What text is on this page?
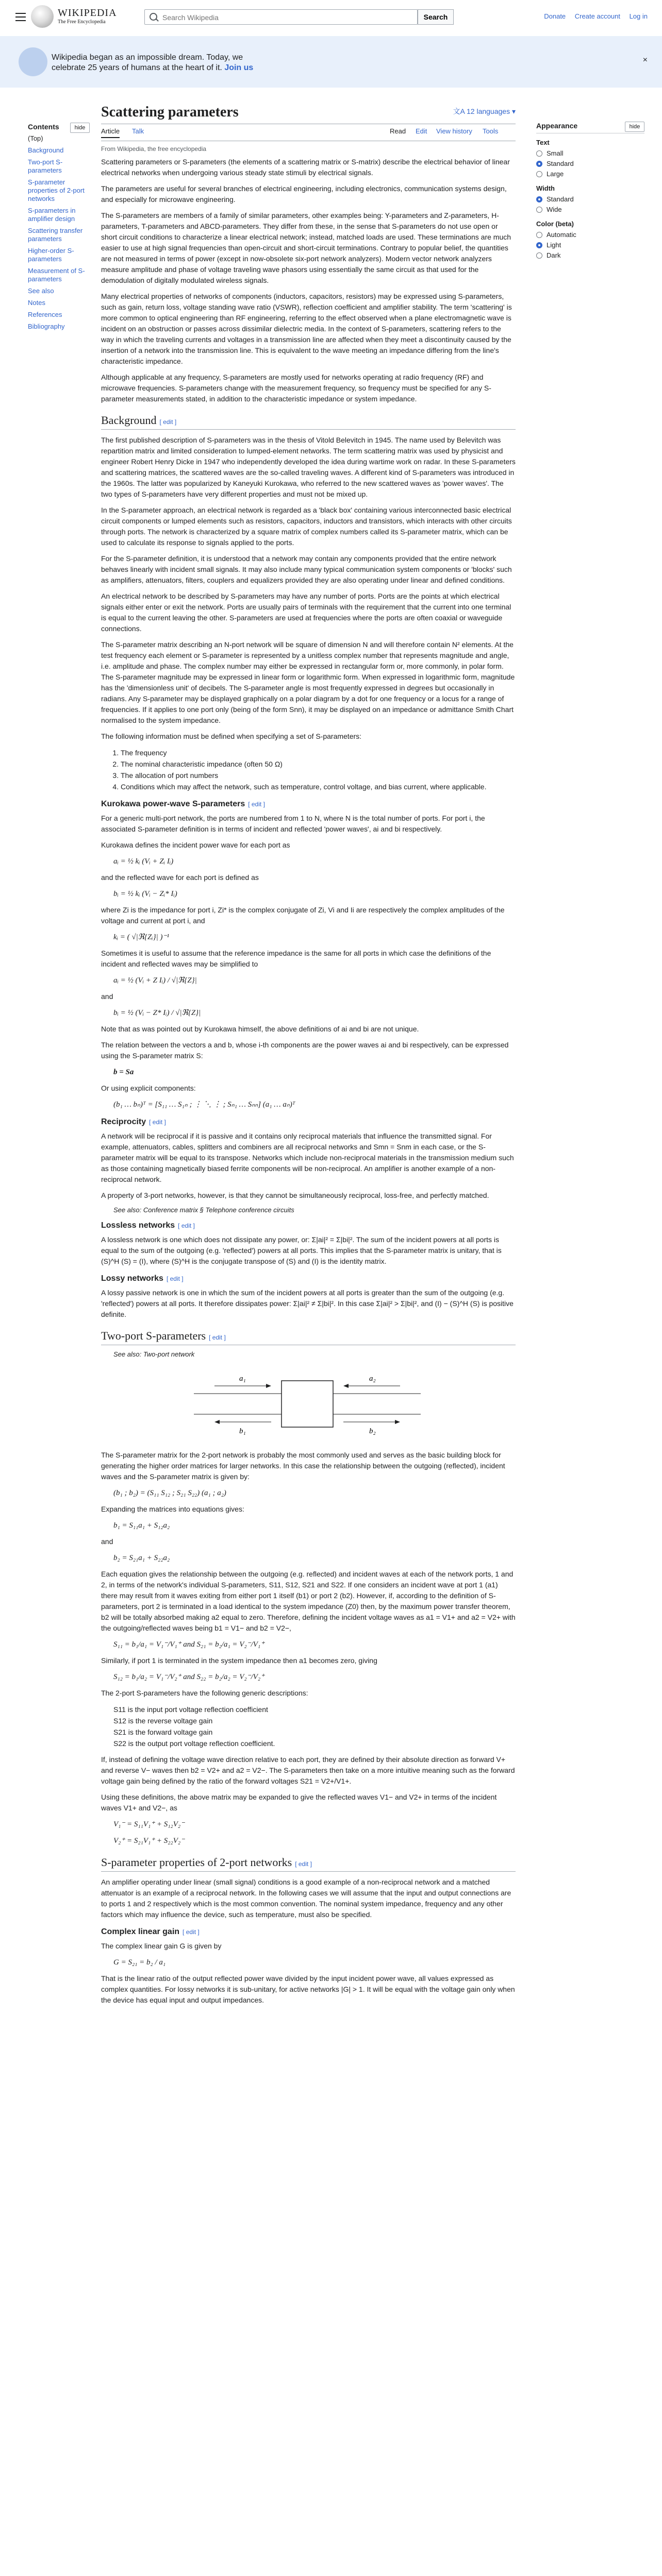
WIKIPEDIA
The Free Encyclopedia
Search Wikipedia
Search	Donate Create account Log in

Wikipedia began as an impossible dream. Today, we
celebrate 25 years of humans at the heart of it. Join us

×
Contents	hide
(Top)
Background
Two-port S-parameters
S-parameter properties of 2-port networks
S-parameters in amplifier design
Scattering transfer parameters
Higher-order S-parameters
Measurement of S-parameters
See also
Notes
References
Bibliography
Scattering parameters	文A 12 languages ▾
Article Talk	Read Edit View history Tools
From Wikipedia, the free encyclopedia

Scattering parameters or S-parameters (the elements of a scattering matrix or S-matrix) describe the electrical behavior of linear electrical networks when undergoing various steady state stimuli by electrical signals.

The parameters are useful for several branches of electrical engineering, including electronics, communication systems design, and especially for microwave engineering.

The S-parameters are members of a family of similar parameters, other examples being: Y-parameters and Z-parameters, H-parameters, T-parameters and ABCD-parameters. They differ from these, in the sense that S-parameters do not use open or short circuit conditions to characterize a linear electrical network; instead, matched loads are used. These terminations are much easier to use at high signal frequencies than open-circuit and short-circuit terminations. Contrary to popular belief, the quantities are not measured in terms of power (except in now-obsolete six-port network analyzers). Modern vector network analyzers measure amplitude and phase of voltage traveling wave phasors using essentially the same circuit as that used for the demodulation of digitally modulated wireless signals.

Many electrical properties of networks of components (inductors, capacitors, resistors) may be expressed using S-parameters, such as gain, return loss, voltage standing wave ratio (VSWR), reflection coefficient and amplifier stability. The term 'scattering' is more common to optical engineering than RF engineering, referring to the effect observed when a plane electromagnetic wave is incident on an obstruction or passes across dissimilar dielectric media. In the context of S-parameters, scattering refers to the way in which the traveling currents and voltages in a transmission line are affected when they meet a discontinuity caused by the insertion of a network into the transmission line. This is equivalent to the wave meeting an impedance differing from the line's characteristic impedance.

Although applicable at any frequency, S-parameters are mostly used for networks operating at radio frequency (RF) and microwave frequencies. S-parameters change with the measurement frequency, so frequency must be specified for any S-parameter measurements stated, in addition to the characteristic impedance or system impedance.

Background [ edit ]

The first published description of S-parameters was in the thesis of Vitold Belevitch in 1945. The name used by Belevitch was repartition matrix and limited consideration to lumped-element networks. The term scattering matrix was used by physicist and engineer Robert Henry Dicke in 1947 who independently developed the idea during wartime work on radar. In these S-parameters and scattering matrices, the scattered waves are the so-called traveling waves. A different kind of S-parameters was introduced in the 1960s. The latter was popularized by Kaneyuki Kurokawa, who referred to the new scattered waves as 'power waves'. The two types of S-parameters have very different properties and must not be mixed up.

In the S-parameter approach, an electrical network is regarded as a 'black box' containing various interconnected basic electrical circuit components or lumped elements such as resistors, capacitors, inductors and transistors, which interacts with other circuits through ports. The network is characterized by a square matrix of complex numbers called its S-parameter matrix, which can be used to calculate its response to signals applied to the ports.

For the S-parameter definition, it is understood that a network may contain any components provided that the entire network behaves linearly with incident small signals. It may also include many typical communication system components or 'blocks' such as amplifiers, attenuators, filters, couplers and equalizers provided they are also operating under linear and defined conditions.

An electrical network to be described by S-parameters may have any number of ports. Ports are the points at which electrical signals either enter or exit the network. Ports are usually pairs of terminals with the requirement that the current into one terminal is equal to the current leaving the other. S-parameters are used at frequencies where the ports are often coaxial or waveguide connections.

The S-parameter matrix describing an N-port network will be square of dimension N and will therefore contain N² elements. At the test frequency each element or S-parameter is represented by a unitless complex number that represents magnitude and angle, i.e. amplitude and phase. The complex number may either be expressed in rectangular form or, more commonly, in polar form. The S-parameter magnitude may be expressed in linear form or logarithmic form. When expressed in logarithmic form, magnitude has the 'dimensionless unit' of decibels. The S-parameter angle is most frequently expressed in degrees but occasionally in radians. Any S-parameter may be displayed graphically on a polar diagram by a dot for one frequency or a locus for a range of frequencies. If it applies to one port only (being of the form Snn), it may be displayed on an impedance or admittance Smith Chart normalised to the system impedance.

The following information must be defined when specifying a set of S-parameters:

1. The frequency
2. The nominal characteristic impedance (often 50 Ω)
3. The allocation of port numbers
4. Conditions which may affect the network, such as temperature, control voltage, and bias current, where applicable.
Kurokawa power-wave S-parameters [ edit ]

For a generic multi-port network, the ports are numbered from 1 to N, where N is the total number of ports. For port i, the associated S-parameter definition is in terms of incident and reflected 'power waves', ai and bi respectively.

Kurokawa defines the incident power wave for each port as

aᵢ = ½ kᵢ (Vᵢ + Zᵢ Iᵢ)

and the reflected wave for each port is defined as

bᵢ = ½ kᵢ (Vᵢ − Zᵢ* Iᵢ)

where Zi is the impedance for port i, Zi* is the complex conjugate of Zi, Vi and Ii are respectively the complex amplitudes of the voltage and current at port i, and

kᵢ = ( √|ℜ{Zᵢ}| )⁻¹

Sometimes it is useful to assume that the reference impedance is the same for all ports in which case the definitions of the incident and reflected waves may be simplified to

aᵢ = ½ (Vᵢ + Z Iᵢ) / √|ℜ{Z}|

and

bᵢ = ½ (Vᵢ − Z* Iᵢ) / √|ℜ{Z}|

Note that as was pointed out by Kurokawa himself, the above definitions of ai and bi are not unique.

The relation between the vectors a and b, whose i-th components are the power waves ai and bi respectively, can be expressed using the S-parameter matrix S:

b = Sa

Or using explicit components:

(b₁ … bₙ)ᵀ = [S₁₁ … S₁ₙ ; ⋮ ⋱ ⋮ ; Sₙ₁ … Sₙₙ] (a₁ … aₙ)ᵀ
Reciprocity [ edit ]

A network will be reciprocal if it is passive and it contains only reciprocal materials that influence the transmitted signal. For example, attenuators, cables, splitters and combiners are all reciprocal networks and Smn = Snm in each case, or the S-parameter matrix will be equal to its transpose. Networks which include non-reciprocal materials in the transmission medium such as those containing magnetically biased ferrite components will be non-reciprocal. An amplifier is another example of a non-reciprocal network.

A property of 3-port networks, however, is that they cannot be simultaneously reciprocal, loss-free, and perfectly matched.

See also: Conference matrix § Telephone conference circuits
Lossless networks [ edit ]

A lossless network is one which does not dissipate any power, or: Σ|ai|² = Σ|bi|². The sum of the incident powers at all ports is equal to the sum of the outgoing (e.g. 'reflected') powers at all ports. This implies that the S-parameter matrix is unitary, that is (S)^H (S) = (I), where (S)^H is the conjugate transpose of (S) and (I) is the identity matrix.

Lossy networks [ edit ]

A lossy passive network is one in which the sum of the incident powers at all ports is greater than the sum of the outgoing (e.g. 'reflected') powers at all ports. It therefore dissipates power: Σ|ai|² ≠ Σ|bi|². In this case Σ|ai|² > Σ|bi|², and (I) − (S)^H (S) is positive definite.

Two-port S-parameters [ edit ]
See also: Two-port network
a₁
b₁
a₂
b₂

The S-parameter matrix for the 2-port network is probably the most commonly used and serves as the basic building block for generating the higher order matrices for larger networks. In this case the relationship between the outgoing (reflected), incident waves and the S-parameter matrix is given by:

(b₁ ; b₂) = (S₁₁ S₁₂ ; S₂₁ S₂₂) (a₁ ; a₂)

Expanding the matrices into equations gives:

b₁ = S₁₁a₁ + S₁₂a₂

and

b₂ = S₂₁a₁ + S₂₂a₂

Each equation gives the relationship between the outgoing (e.g. reflected) and incident waves at each of the network ports, 1 and 2, in terms of the network's individual S-parameters, S11, S12, S21 and S22. If one considers an incident wave at port 1 (a1) there may result from it waves exiting from either port 1 itself (b1) or port 2 (b2). However, if, according to the definition of S-parameters, port 2 is terminated in a load identical to the system impedance (Z0) then, by the maximum power transfer theorem, b2 will be totally absorbed making a2 equal to zero. Therefore, defining the incident voltage waves as a1 = V1+ and a2 = V2+ with the outgoing/reflected waves being b1 = V1− and b2 = V2−,

S₁₁ = b₁/a₁ = V₁⁻/V₁⁺ and S₂₁ = b₂/a₁ = V₂⁻/V₁⁺

Similarly, if port 1 is terminated in the system impedance then a1 becomes zero, giving

S₁₂ = b₁/a₂ = V₁⁻/V₂⁺ and S₂₂ = b₂/a₂ = V₂⁻/V₂⁺

The 2-port S-parameters have the following generic descriptions:

S11 is the input port voltage reflection coefficient
S12 is the reverse voltage gain
S21 is the forward voltage gain
S22 is the output port voltage reflection coefficient.

If, instead of defining the voltage wave direction relative to each port, they are defined by their absolute direction as forward V+ and reverse V− waves then b2 = V2+ and a2 = V2−. The S-parameters then take on a more intuitive meaning such as the forward voltage gain being defined by the ratio of the forward voltages S21 = V2+/V1+.

Using these definitions, the above matrix may be expanded to give the reflected waves V1− and V2+ in terms of the incident waves V1+ and V2−, as

V₁⁻ = S₁₁V₁⁺ + S₁₂V₂⁻
V₂⁺ = S₂₁V₁⁺ + S₂₂V₂⁻
S-parameter properties of 2-port networks [ edit ]

An amplifier operating under linear (small signal) conditions is a good example of a non-reciprocal network and a matched attenuator is an example of a reciprocal network. In the following cases we will assume that the input and output connections are to ports 1 and 2 respectively which is the most common convention. The nominal system impedance, frequency and any other factors which may influence the device, such as temperature, must also be specified.

Complex linear gain [ edit ]

The complex linear gain G is given by

G = S₂₁ = b₂ / a₁

That is the linear ratio of the output reflected power wave divided by the input incident power wave, all values expressed as complex quantities. For lossy networks it is sub-unitary, for active networks |G| > 1. It will be equal with the voltage gain only when the device has equal input and output impedances.

Appearance	hide
Text
Small
Standard
Large
Width
Standard
Wide
Color (beta)
Automatic
Light
Dark
